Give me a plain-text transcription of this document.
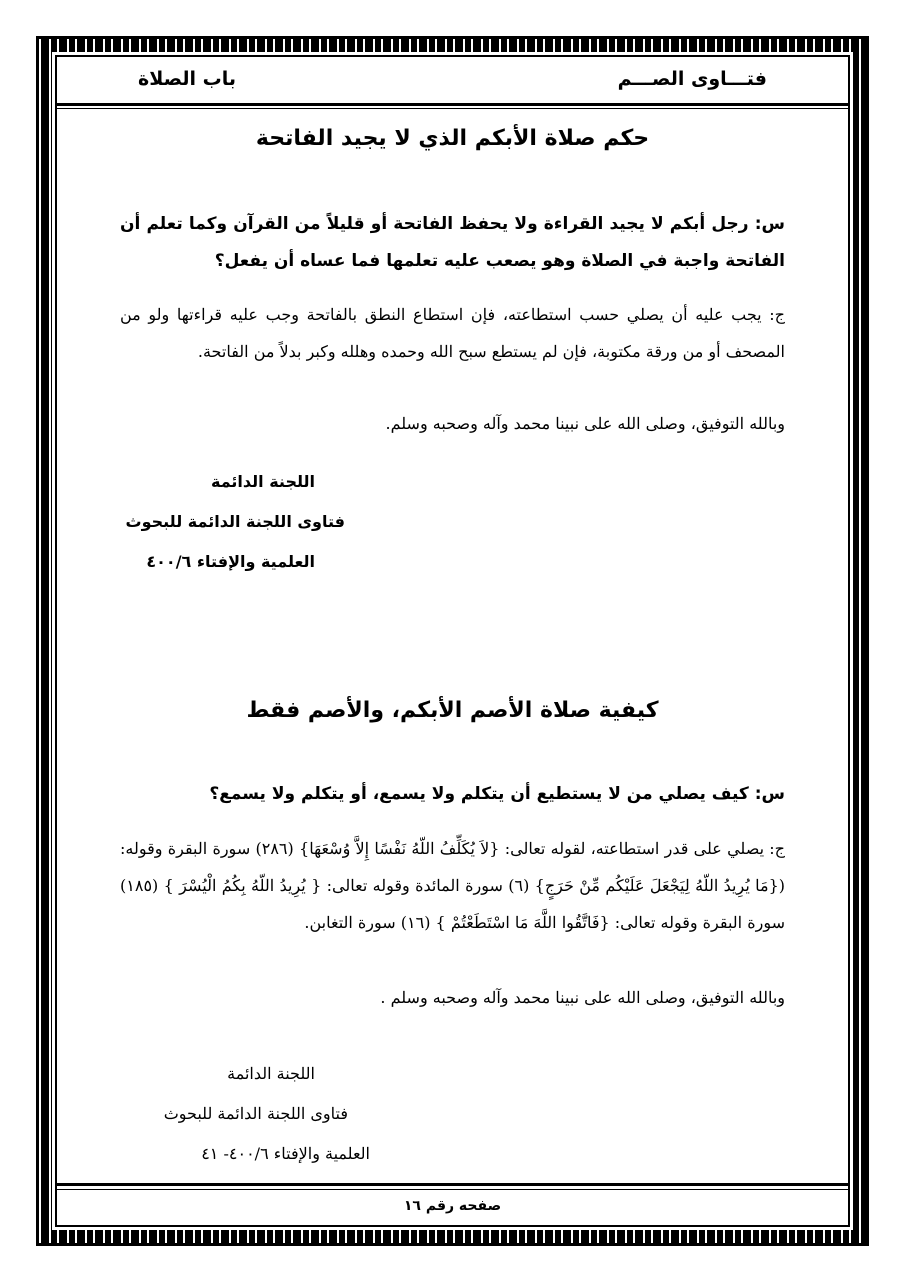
فتـــاوى الصـــم
باب الصلاة
حكم صلاة الأبكم الذي لا يجيد الفاتحة
س: رجل أبكم لا يجيد القراءة ولا يحفظ الفاتحة أو قليلاً من القرآن وكما تعلم أن الفاتحة واجبة في الصلاة وهو يصعب عليه تعلمها فما عساه أن يفعل؟
ج: يجب عليه أن يصلي حسب استطاعته، فإن استطاع النطق بالفاتحة وجب عليه قراءتها ولو من المصحف أو من ورقة مكتوبة، فإن لم يستطع سبح الله وحمده وهلله وكبر بدلاً من الفاتحة.
وبالله التوفيق، وصلى الله على نبينا محمد وآله وصحبه وسلم.
اللجنة الدائمة
فتاوى اللجنة الدائمة للبحوث
العلمية والإفتاء ٤٠٠/٦
كيفية صلاة الأصم الأبكم، والأصم فقط
س: كيف يصلي من لا يستطيع أن يتكلم ولا يسمع، أو يتكلم ولا يسمع؟
ج: يصلي على قدر استطاعته، لقوله تعالى: {لاَ يُكَلِّفُ اللّهُ نَفْسًا إِلاَّ وُسْعَهَا} (٢٨٦) سورة البقرة وقوله: ({مَا يُرِيدُ اللّهُ لِيَجْعَلَ عَلَيْكُم مِّنْ حَرَجٍ} (٦) سورة المائدة وقوله تعالى: { يُرِيدُ اللّهُ بِكُمُ الْيُسْرَ } (١٨٥) سورة البقرة وقوله تعالى: {فَاتَّقُوا اللَّهَ مَا اسْتَطَعْتُمْ } (١٦) سورة التغابن.
وبالله التوفيق، وصلى الله على نبينا محمد وآله وصحبه وسلم .
اللجنة الدائمة
فتاوى اللجنة الدائمة للبحوث
العلمية والإفتاء ٤٠٠/٦- ٤١
صفحه رقم ١٦
